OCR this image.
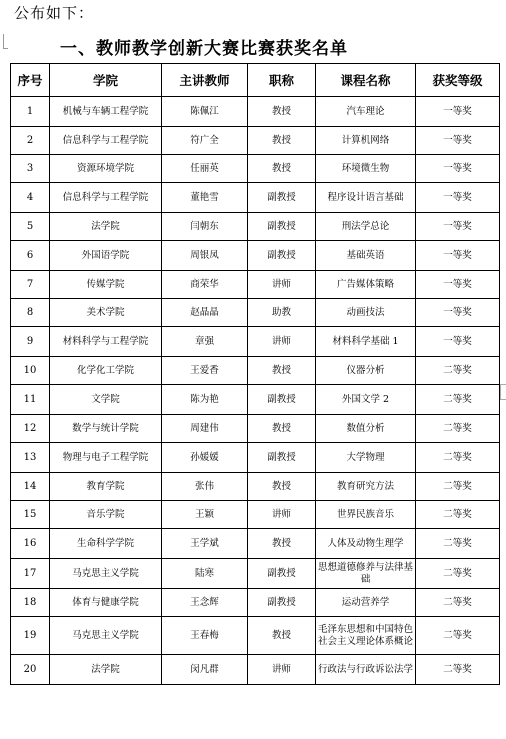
公布如下：
一、教师教学创新大赛比赛获奖名单
序号	学院	主讲教师	职称	课程名称	获奖等级
1	机械与车辆工程学院	陈佩江	教授	汽车理论	一等奖
2	信息科学与工程学院	符广全	教授	计算机网络	一等奖
3	资源环境学院	任丽英	教授	环境微生物	一等奖
4	信息科学与工程学院	董艳雪	副教授	程序设计语言基础	一等奖
5	法学院	闫朝东	副教授	刑法学总论	一等奖
6	外国语学院	周银凤	副教授	基础英语	一等奖
7	传媒学院	商荣华	讲师	广告媒体策略	一等奖
8	美术学院	赵晶晶	助教	动画技法	一等奖
9	材料科学与工程学院	章强	讲师	材料科学基础 1	一等奖
10	化学化工学院	王爱香	教授	仪器分析	二等奖
11	文学院	陈为艳	副教授	外国文学 2	二等奖
12	数学与统计学院	周建伟	教授	数值分析	二等奖
13	物理与电子工程学院	孙媛媛	副教授	大学物理	二等奖
14	教育学院	张伟	教授	教育研究方法	二等奖
15	音乐学院	王颖	讲师	世界民族音乐	二等奖
16	生命科学学院	王学斌	教授	人体及动物生理学	二等奖
17	马克思主义学院	陆寒	副教授	思想道德修养与法律基础	二等奖
18	体育与健康学院	王念辉	副教授	运动营养学	二等奖
19	马克思主义学院	王春梅	教授	毛泽东思想和中国特色社会主义理论体系概论	二等奖
20	法学院	闵凡群	讲师	行政法与行政诉讼法学	二等奖
